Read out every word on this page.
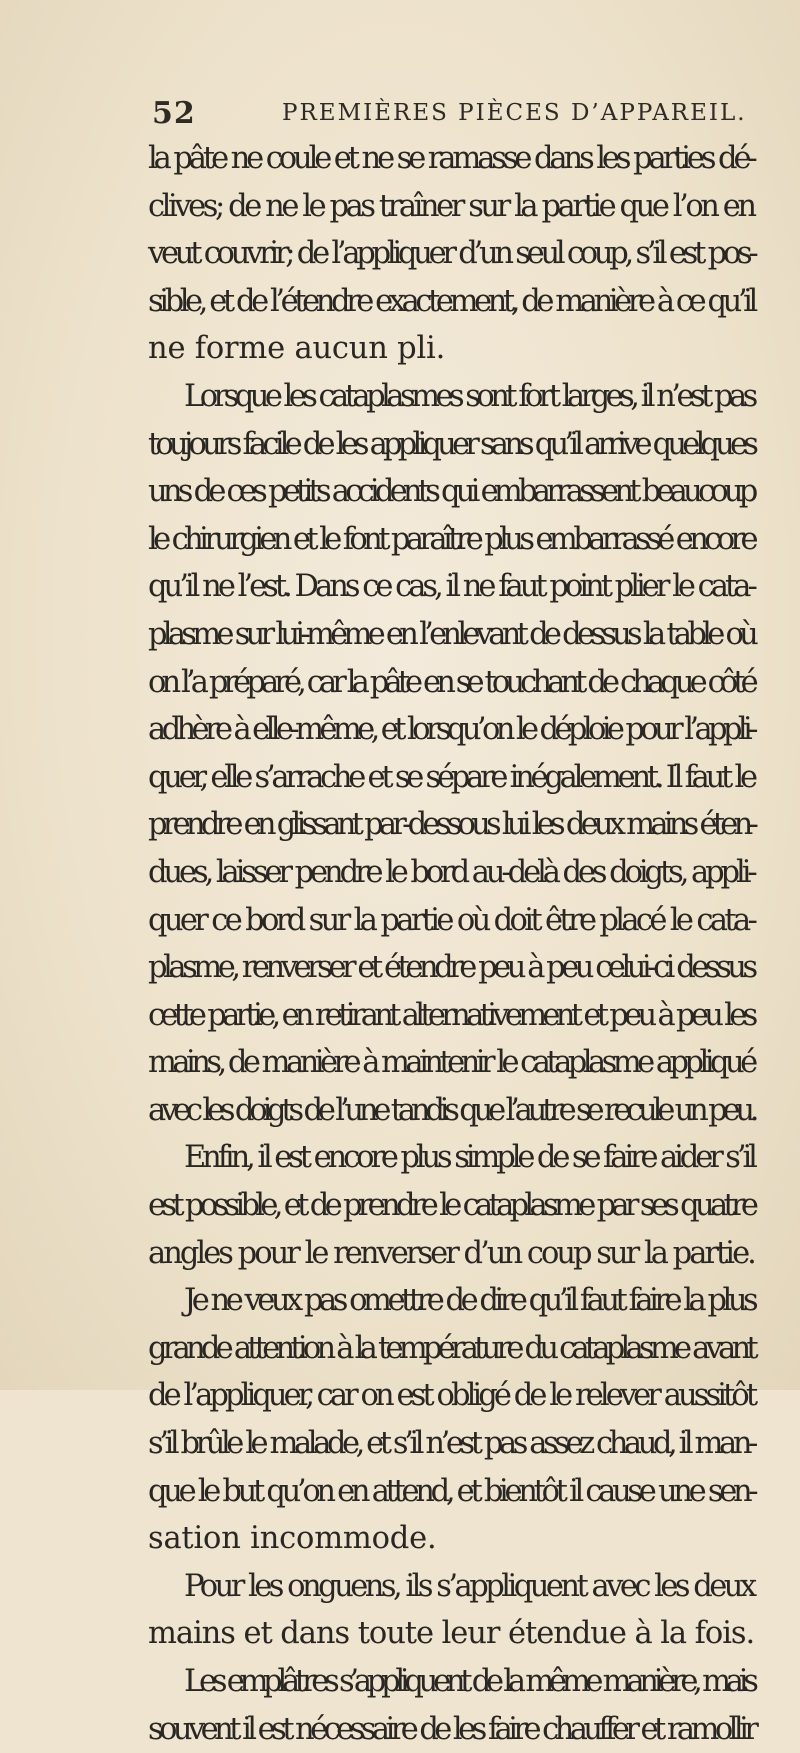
52	PREMIÈRES PIÈCES D’APPAREIL.
la pâte ne coule et ne se ramasse dans les parties dé-
clives; de ne le pas traîner sur la partie que l’on en
veut couvrir; de l’appliquer d’un seul coup, s’il est pos-
sible, et de l’étendre exactement, de manière à ce qu’il
ne forme aucun pli.
Lorsque les cataplasmes sont fort larges, il n’est pas
toujours facile de les appliquer sans qu’il arrive quelques
uns de ces petits accidents qui embarrassent beaucoup
le chirurgien et le font paraître plus embarrassé encore
qu’il ne l’est. Dans ce cas, il ne faut point plier le cata-
plasme sur lui-même en l’enlevant de dessus la table où
on l’a préparé, car la pâte en se touchant de chaque côté
adhère à elle-même, et lorsqu’on le déploie pour l’appli-
quer, elle s’arrache et se sépare inégalement. Il faut le
prendre en glissant par-dessous lui les deux mains éten-
dues, laisser pendre le bord au-delà des doigts, appli-
quer ce bord sur la partie où doit être placé le cata-
plasme, renverser et étendre peu à peu celui-ci dessus
cette partie, en retirant alternativement et peu à peu les
mains, de manière à maintenir le cataplasme appliqué
avec les doigts de l’une tandis que l’autre se recule un peu.
Enfin, il est encore plus simple de se faire aider s’il
est possible, et de prendre le cataplasme par ses quatre
angles pour le renverser d’un coup sur la partie.
Je ne veux pas omettre de dire qu’il faut faire la plus
grande attention à la température du cataplasme avant
de l’appliquer, car on est obligé de le relever aussitôt
s’il brûle le malade, et s’il n’est pas assez chaud, il man-
que le but qu’on en attend, et bientôt il cause une sen-
sation incommode.
Pour les onguens, ils s’appliquent avec les deux
mains et dans toute leur étendue à la fois.
Les emplâtres s’appliquent de la même manière, mais
souvent il est nécessaire de les faire chauffer et ramollir
